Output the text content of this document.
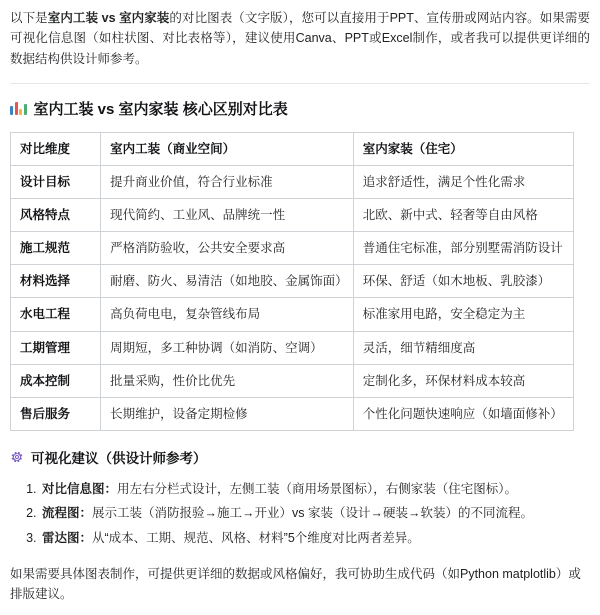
以下是室内工装 vs 室内家装的对比图表（文字版），您可以直接用于PPT、宣传册或网站内容。如果需要可视化信息图（如柱状图、对比表格等），建议使用Canva、PPT或Excel制作，或者我可以提供更详细的数据结构供设计师参考。

室内工装 vs 室内家装 核心区别对比表
对比维度	室内工装（商业空间）	室内家装（住宅）
设计目标	提升商业价值，符合行业标准	追求舒适性，满足个性化需求
风格特点	现代简约、工业风、品牌统一性	北欧、新中式、轻奢等自由风格
施工规范	严格消防验收，公共安全要求高	普通住宅标准，部分别墅需消防设计
材料选择	耐磨、防火、易清洁（如地胶、金属饰面）	环保、舒适（如木地板、乳胶漆）
水电工程	高负荷电电，复杂管线布局	标准家用电路，安全稳定为主
工期管理	周期短，多工种协调（如消防、空调）	灵活，细节精细度高
成本控制	批量采购，性价比优先	定制化多，环保材料成本较高
售后服务	长期维护，设备定期检修	个性化问题快速响应（如墙面修补）
可视化建议（供设计师参考）
1. 对比信息图：用左右分栏式设计，左侧工装（商用场景图标），右侧家装（住宅图标）。
2. 流程图：展示工装（消防报验→施工→开业）vs 家装（设计→硬装→软装）的不同流程。
3. 雷达图：从“成本、工期、规范、风格、材料”5个维度对比两者差异。

如果需要具体图表制作，可提供更详细的数据或风格偏好，我可协助生成代码（如Python matplotlib）或排版建议。
